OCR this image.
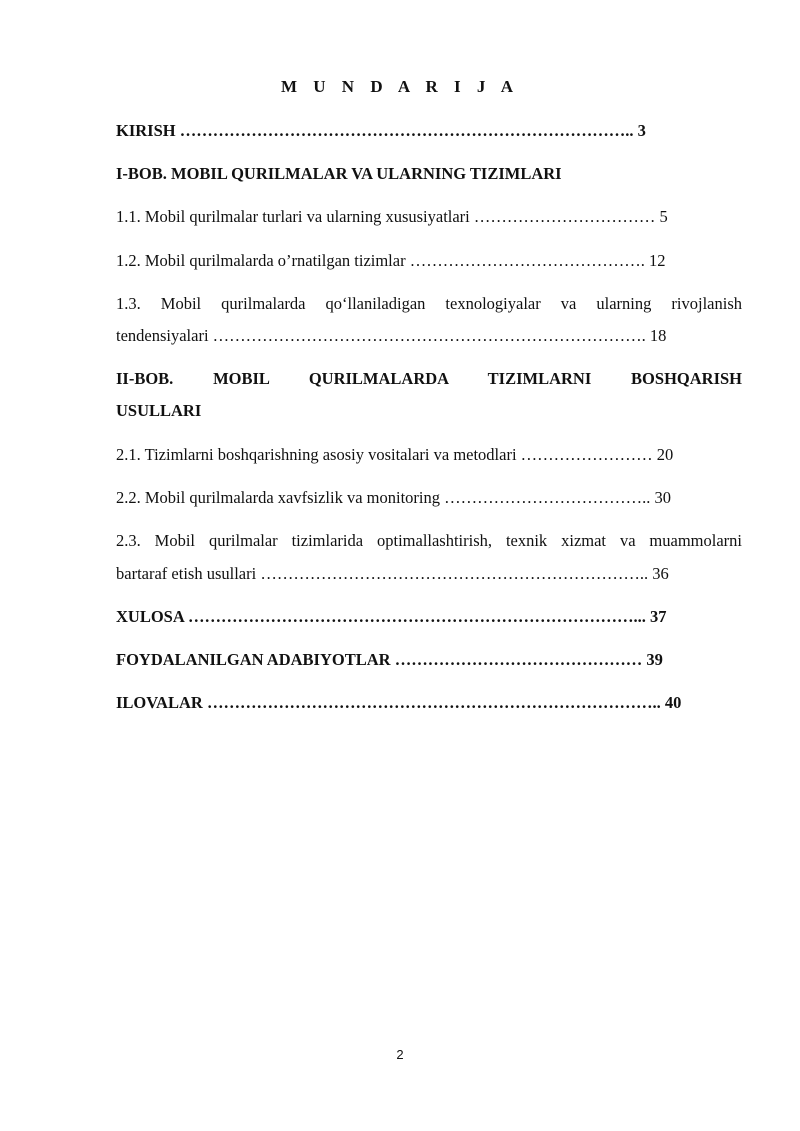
M U N D A R I J A
KIRISH ……………………………………………………………………….. 3
I-BOB. MOBIL QURILMALAR VA ULARNING TIZIMLARI
1.1. Mobil qurilmalar turlari va ularning xususiyatlari …………………………… 5
1.2. Mobil qurilmalarda o’rnatilgan tizimlar ……………………………………. 12
1.3. Mobil qurilmalarda qo‘llaniladigan texnologiyalar va ularning rivojlanish
tendensiyalari ……………………………………………………………………. 18
II-BOB. MOBIL QURILMALARDA TIZIMLARNI BOSHQARISH
USULLARI
2.1. Tizimlarni boshqarishning asosiy vositalari va metodlari …………………… 20
2.2. Mobil qurilmalarda xavfsizlik va monitoring ……………………………….. 30
2.3. Mobil qurilmalar tizimlarida optimallashtirish, texnik xizmat va muammolarni
bartaraf etish usullari …………………………………………………………….. 36
XULOSA ………………………………………………………………………... 37
FOYDALANILGAN ADABIYOTLAR ……………………………………… 39
ILOVALAR ……………………………………………………………………….. 40
2
